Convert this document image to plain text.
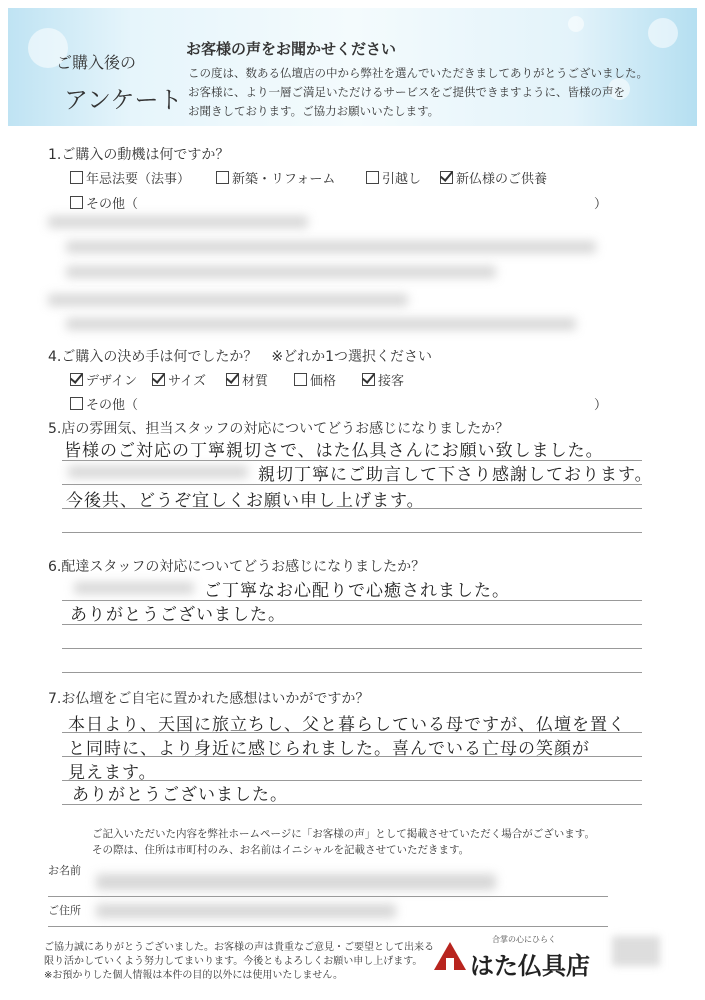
ご購入後の
アンケート
お客様の声をお聞かせください
この度は、数ある仏壇店の中から弊社を選んでいただきましてありがとうございました。
お客様に、より一層ご満足いただけるサービスをご提供できますように、皆様の声を
お聞きしております。ご協力お願いいたします。
1.ご購入の動機は何ですか？
年忌法要（法事）	新築・リフォーム	引越し	新仏様のご供養
その他（	）
4.ご購入の決め手は何でしたか？　※どれか1つ選択ください
デザイン	サイズ	材質	価格	接客
その他（	）
5.店の雰囲気、担当スタッフの対応についてどうお感じになりましたか？
皆様のご対応の丁寧親切さで、はた仏具さんにお願い致しました。
親切丁寧にご助言して下さり感謝しております。
今後共、どうぞ宜しくお願い申し上げます。
6.配達スタッフの対応についてどうお感じになりましたか？
ご丁寧なお心配りで心癒されました。
ありがとうございました。
7.お仏壇をご自宅に置かれた感想はいかがですか？
本日より、天国に旅立ちし、父と暮らしている母ですが、仏壇を置く
と同時に、より身近に感じられました。喜んでいる亡母の笑顔が
見えます。
ありがとうございました。
ご記入いただいた内容を弊社ホームページに「お客様の声」として掲載させていただく場合がございます。
その際は、住所は市町村のみ、お名前はイニシャルを記載させていただきます。
お名前
ご住所
ご協力誠にありがとうございました。お客様の声は貴重なご意見・ご要望として出来る
限り活かしていくよう努力してまいります。今後ともよろしくお願い申し上げます。
※お預かりした個人情報は本件の目的以外には使用いたしません。
合掌の心にひらく
はた仏具店
